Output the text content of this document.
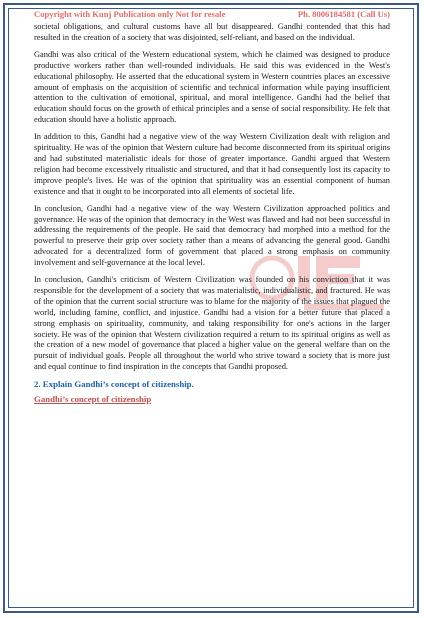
Copyright with Kunj Publication only Not for resale	Ph. 8006184581 (Call Us)

societal obligations, and cultural customs have all but disappeared. Gandhi contended that this had resulted in the creation of a society that was disjointed, self-reliant, and based on the individual.

Gandhi was also critical of the Western educational system, which he claimed was designed to produce productive workers rather than well-rounded individuals. He said this was evidenced in the West's educational philosophy. He asserted that the educational system in Western countries places an excessive amount of emphasis on the acquisition of scientific and technical information while paying insufficient attention to the cultivation of emotional, spiritual, and moral intelligence. Gandhi had the belief that education should focus on the growth of ethical principles and a sense of social responsibility. He felt that education should have a holistic approach.

In addition to this, Gandhi had a negative view of the way Western Civilization dealt with religion and spirituality. He was of the opinion that Western culture had become disconnected from its spiritual origins and had substituted materialistic ideals for those of greater importance. Gandhi argued that Western religion had become excessively ritualistic and structured, and that it had consequently lost its capacity to improve people's lives. He was of the opinion that spirituality was an essential component of human existence and that it ought to be incorporated into all elements of societal life.

In conclusion, Gandhi had a negative view of the way Western Civilization approached politics and governance. He was of the opinion that democracy in the West was flawed and had not been successful in addressing the requirements of the people. He said that democracy had morphed into a method for the powerful to preserve their grip over society rather than a means of advancing the general good. Gandhi advocated for a decentralized form of government that placed a strong emphasis on community involvement and self-governance at the local level.

In conclusion, Gandhi's criticism of Western Civilization was founded on his conviction that it was responsible for the development of a society that was materialistic, individualistic, and fractured. He was of the opinion that the current social structure was to blame for the majority of the issues that plagued the world, including famine, conflict, and injustice. Gandhi had a vision for a better future that placed a strong emphasis on spirituality, community, and taking responsibility for one's actions in the larger society. He was of the opinion that Western civilization required a return to its spiritual origins as well as the creation of a new model of governance that placed a higher value on the general welfare than on the pursuit of individual goals. People all throughout the world who strive toward a society that is more just and equal continue to find inspiration in the concepts that Gandhi proposed.

2. Explain Gandhi’s concept of citizenship.
Gandhi’s concept of citizenship
